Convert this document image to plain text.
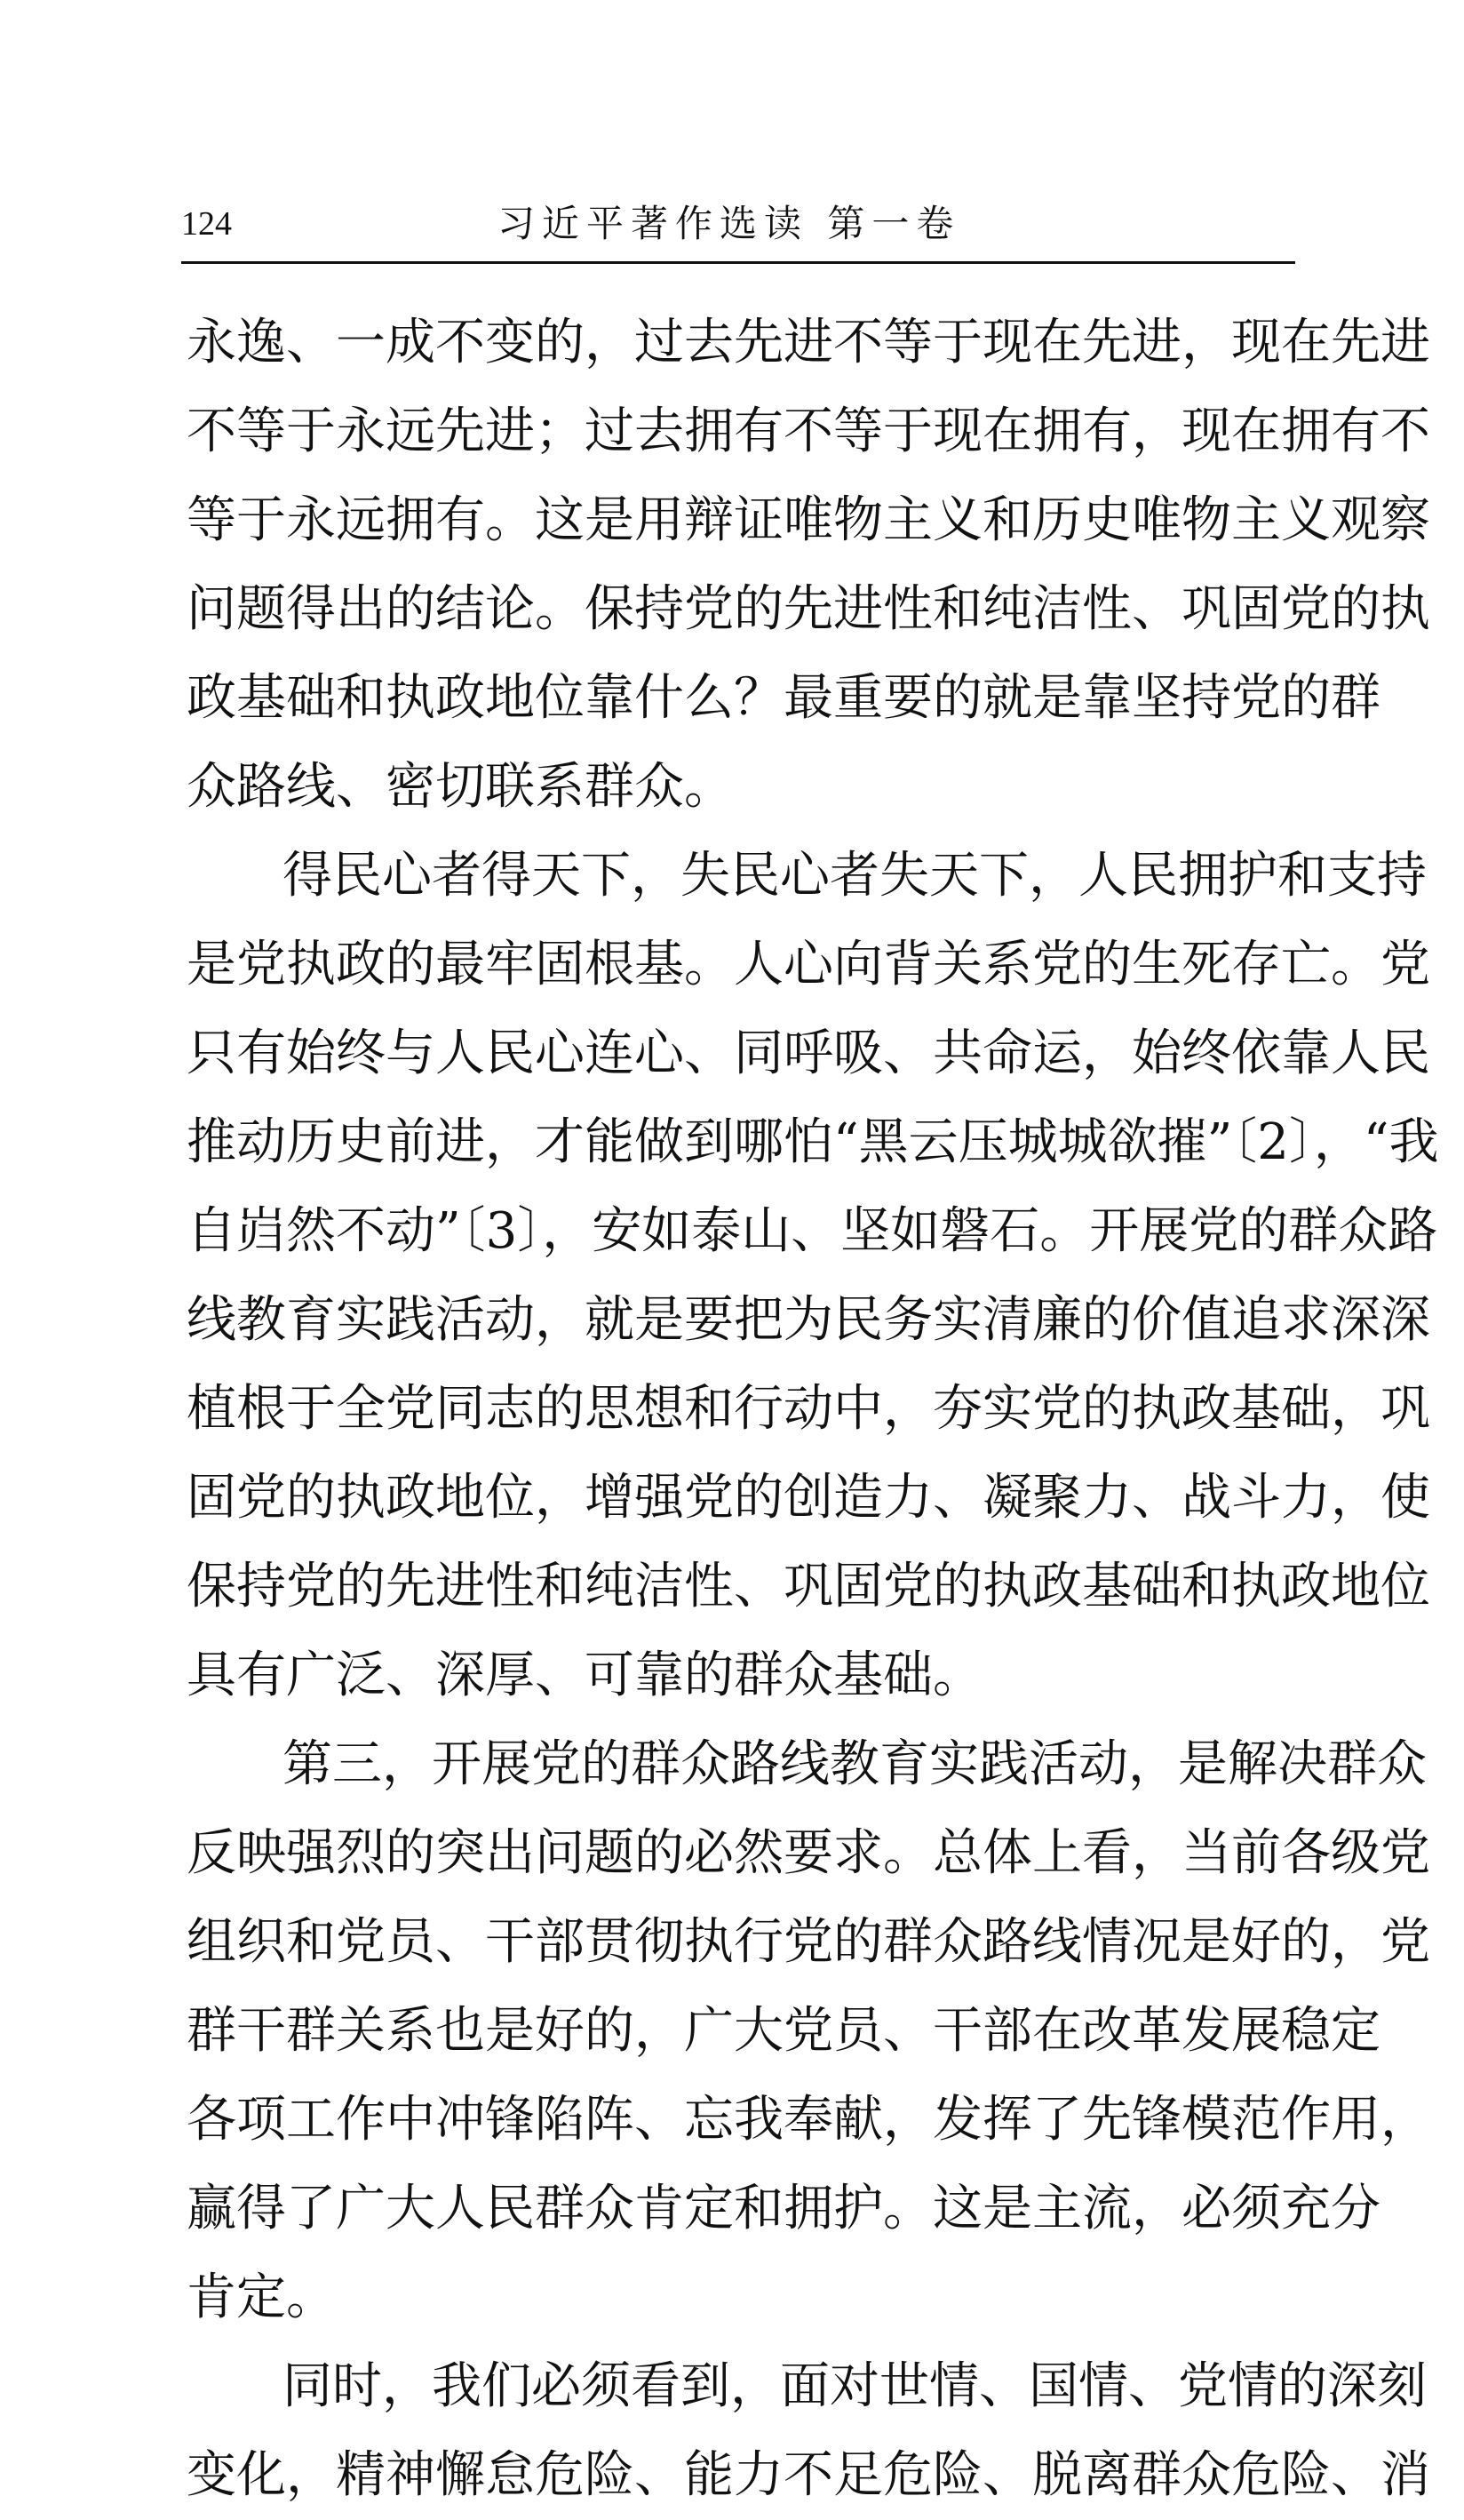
124	习近平著作选读 第一卷
永逸、一成不变的，过去先进不等于现在先进，现在先进
不等于永远先进；过去拥有不等于现在拥有，现在拥有不
等于永远拥有。这是用辩证唯物主义和历史唯物主义观察
问题得出的结论。保持党的先进性和纯洁性、巩固党的执
政基础和执政地位靠什么？最重要的就是靠坚持党的群
众路线、密切联系群众。
得民心者得天下，失民心者失天下，人民拥护和支持
是党执政的最牢固根基。人心向背关系党的生死存亡。党
只有始终与人民心连心、同呼吸、共命运，始终依靠人民
推动历史前进，才能做到哪怕“黑云压城城欲摧”〔2〕，“我
自岿然不动”〔3〕，安如泰山、坚如磐石。开展党的群众路
线教育实践活动，就是要把为民务实清廉的价值追求深深
植根于全党同志的思想和行动中，夯实党的执政基础，巩
固党的执政地位，增强党的创造力、凝聚力、战斗力，使
保持党的先进性和纯洁性、巩固党的执政基础和执政地位
具有广泛、深厚、可靠的群众基础。
第三，开展党的群众路线教育实践活动，是解决群众
反映强烈的突出问题的必然要求。总体上看，当前各级党
组织和党员、干部贯彻执行党的群众路线情况是好的，党
群干群关系也是好的，广大党员、干部在改革发展稳定
各项工作中冲锋陷阵、忘我奉献，发挥了先锋模范作用，
赢得了广大人民群众肯定和拥护。这是主流，必须充分
肯定。
同时，我们必须看到，面对世情、国情、党情的深刻
变化，精神懈怠危险、能力不足危险、脱离群众危险、消
